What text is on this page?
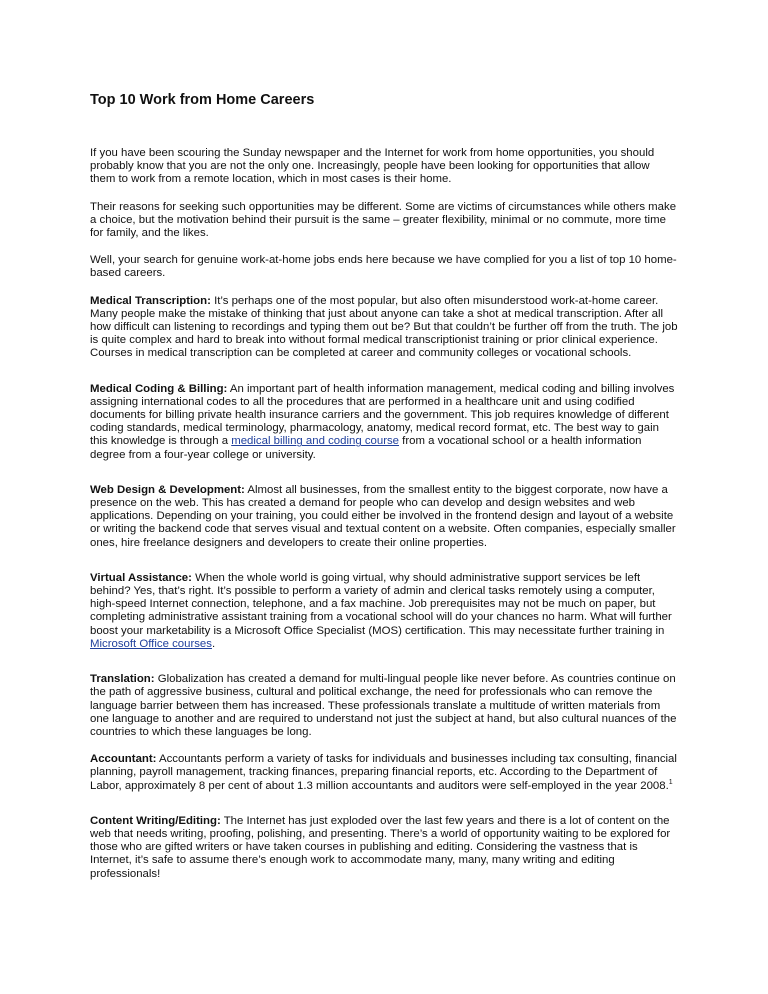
Top 10 Work from Home Careers

If you have been scouring the Sunday newspaper and the Internet for work from home opportunities, you should probably know that you are not the only one. Increasingly, people have been looking for opportunities that allow them to work from a remote location, which in most cases is their home.

Their reasons for seeking such opportunities may be different. Some are victims of circumstances while others make a choice, but the motivation behind their pursuit is the same – greater flexibility, minimal or no commute, more time for family, and the likes.

Well, your search for genuine work-at-home jobs ends here because we have complied for you a list of top 10 home-based careers.

Medical Transcription: It’s perhaps one of the most popular, but also often misunderstood work-at-home career. Many people make the mistake of thinking that just about anyone can take a shot at medical transcription. After all how difficult can listening to recordings and typing them out be? But that couldn’t be further off from the truth. The job is quite complex and hard to break into without formal medical transcriptionist training or prior clinical experience. Courses in medical transcription can be completed at career and community colleges or vocational schools.

Medical Coding & Billing: An important part of health information management, medical coding and billing involves assigning international codes to all the procedures that are performed in a healthcare unit and using codified documents for billing private health insurance carriers and the government. This job requires knowledge of different coding standards, medical terminology, pharmacology, anatomy, medical record format, etc. The best way to gain this knowledge is through a medical billing and coding course from a vocational school or a health information degree from a four-year college or university.

Web Design & Development: Almost all businesses, from the smallest entity to the biggest corporate, now have a presence on the web. This has created a demand for people who can develop and design websites and web applications. Depending on your training, you could either be involved in the frontend design and layout of a website or writing the backend code that serves visual and textual content on a website. Often companies, especially smaller ones, hire freelance designers and developers to create their online properties.

Virtual Assistance: When the whole world is going virtual, why should administrative support services be left behind? Yes, that’s right. It’s possible to perform a variety of admin and clerical tasks remotely using a computer, high-speed Internet connection, telephone, and a fax machine. Job prerequisites may not be much on paper, but completing administrative assistant training from a vocational school will do your chances no harm. What will further boost your marketability is a Microsoft Office Specialist (MOS) certification. This may necessitate further training in Microsoft Office courses.

Translation: Globalization has created a demand for multi-lingual people like never before. As countries continue on the path of aggressive business, cultural and political exchange, the need for professionals who can remove the language barrier between them has increased. These professionals translate a multitude of written materials from one language to another and are required to understand not just the subject at hand, but also cultural nuances of the countries to which these languages be long.

Accountant: Accountants perform a variety of tasks for individuals and businesses including tax consulting, financial planning, payroll management, tracking finances, preparing financial reports, etc. According to the Department of Labor, approximately 8 per cent of about 1.3 million accountants and auditors were self-employed in the year 2008.$^1$

Content Writing/Editing: The Internet has just exploded over the last few years and there is a lot of content on the web that needs writing, proofing, polishing, and presenting. There’s a world of opportunity waiting to be explored for those who are gifted writers or have taken courses in publishing and editing. Considering the vastness that is Internet, it’s safe to assume there’s enough work to accommodate many, many, many writing and editing professionals!
